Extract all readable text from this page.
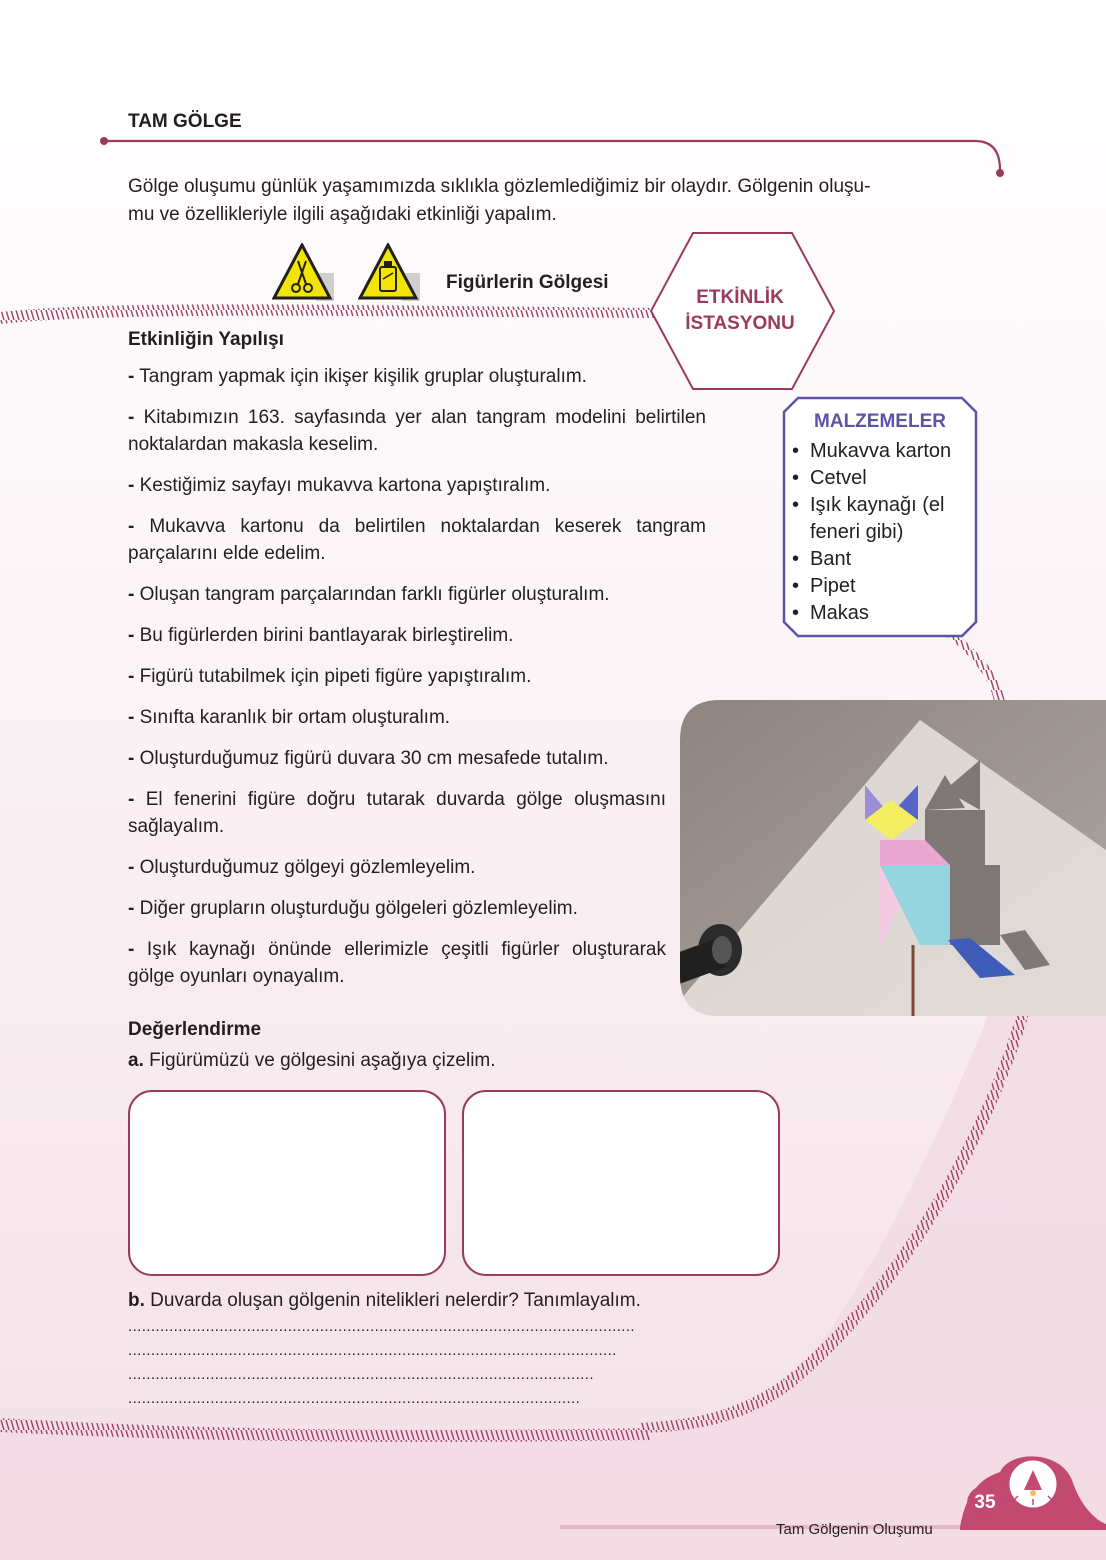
TAM GÖLGE

Gölge oluşumu günlük yaşamımızda sıklıkla gözlemlediğimiz bir olaydır. Gölgenin oluşu-

mu ve özellikleriyle ilgili aşağıdaki etkinliği yapalım.

Figürlerin Gölgesi
ETKİNLİK
İSTASYONU
Etkinliğin Yapılışı

- Tangram yapmak için ikişer kişilik gruplar oluşturalım.

- Kitabımızın 163. sayfasında yer alan tangram modelini belirtilen noktalardan makasla keselim.

- Kestiğimiz sayfayı mukavva kartona yapıştıralım.

- Mukavva kartonu da belirtilen noktalardan keserek tangram parçalarını elde edelim.

- Oluşan tangram parçalarından farklı figürler oluşturalım.

- Bu figürlerden birini bantlayarak birleştirelim.

- Figürü tutabilmek için pipeti figüre yapıştıralım.

- Sınıfta karanlık bir ortam oluşturalım.

- Oluşturduğumuz figürü duvara 30 cm mesafede tutalım.

- El fenerini figüre doğru tutarak duvarda gölge oluşmasını sağlayalım.

- Oluşturduğumuz gölgeyi gözlemleyelim.

- Diğer grupların oluşturduğu gölgeleri gözlemleyelim.

- Işık kaynağı önünde ellerimizle çeşitli figürler oluşturarak gölge oyunları oynayalım.

MALZEMELER
• Mukavva karton
• Cetvel
• Işık kaynağı (el feneri gibi)
• Bant
• Pipet
• Makas
Değerlendirme
a. Figürümüzü ve gölgesini aşağıya çizelim.
b. Duvarda oluşan gölgenin nitelikleri nelerdir? Tanımlayalım.
...............................................................................................................
...........................................................................................................
......................................................................................................
...................................................................................................
Tam Gölgenin Oluşumu
35
